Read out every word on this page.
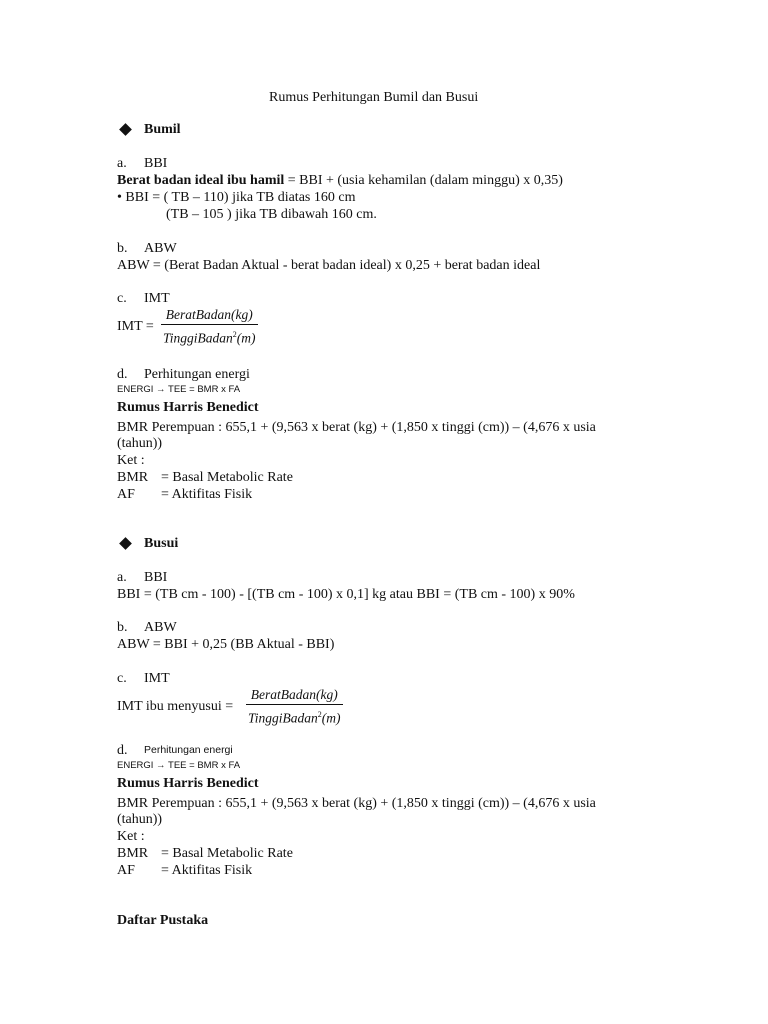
Rumus Perhitungan Bumil dan Busui
Bumil
a. BBI
Berat badan ideal ibu hamil = BBI + (usia kehamilan (dalam minggu) x 0,35)
• BBI = ( TB – 110) jika TB diatas 160 cm
(TB – 105 ) jika TB dibawah 160 cm.
b. ABW
ABW = (Berat Badan Aktual - berat badan ideal) x 0,25 + berat badan ideal
c. IMT
IMT =
BeratBadan(kg)
TinggiBadan$^2$(m)
d. Perhitungan energi
ENERGI → TEE = BMR x FA
Rumus Harris Benedict
BMR Perempuan : 655,1 + (9,563 x berat (kg) + (1,850 x tinggi (cm)) – (4,676 x usia
(tahun))
Ket :
BMR = Basal Metabolic Rate
AF = Aktifitas Fisik
Busui
a. BBI
BBI = (TB cm - 100) - [(TB cm - 100) x 0,1] kg atau BBI = (TB cm - 100) x 90%
b. ABW
ABW = BBI + 0,25 (BB Aktual - BBI)
c. IMT
IMT ibu menyusui =
BeratBadan(kg)
TinggiBadan$^2$(m)
d. Perhitungan energi
ENERGI → TEE = BMR x FA
Rumus Harris Benedict
BMR Perempuan : 655,1 + (9,563 x berat (kg) + (1,850 x tinggi (cm)) – (4,676 x usia
(tahun))
Ket :
BMR = Basal Metabolic Rate
AF = Aktifitas Fisik
Daftar Pustaka
